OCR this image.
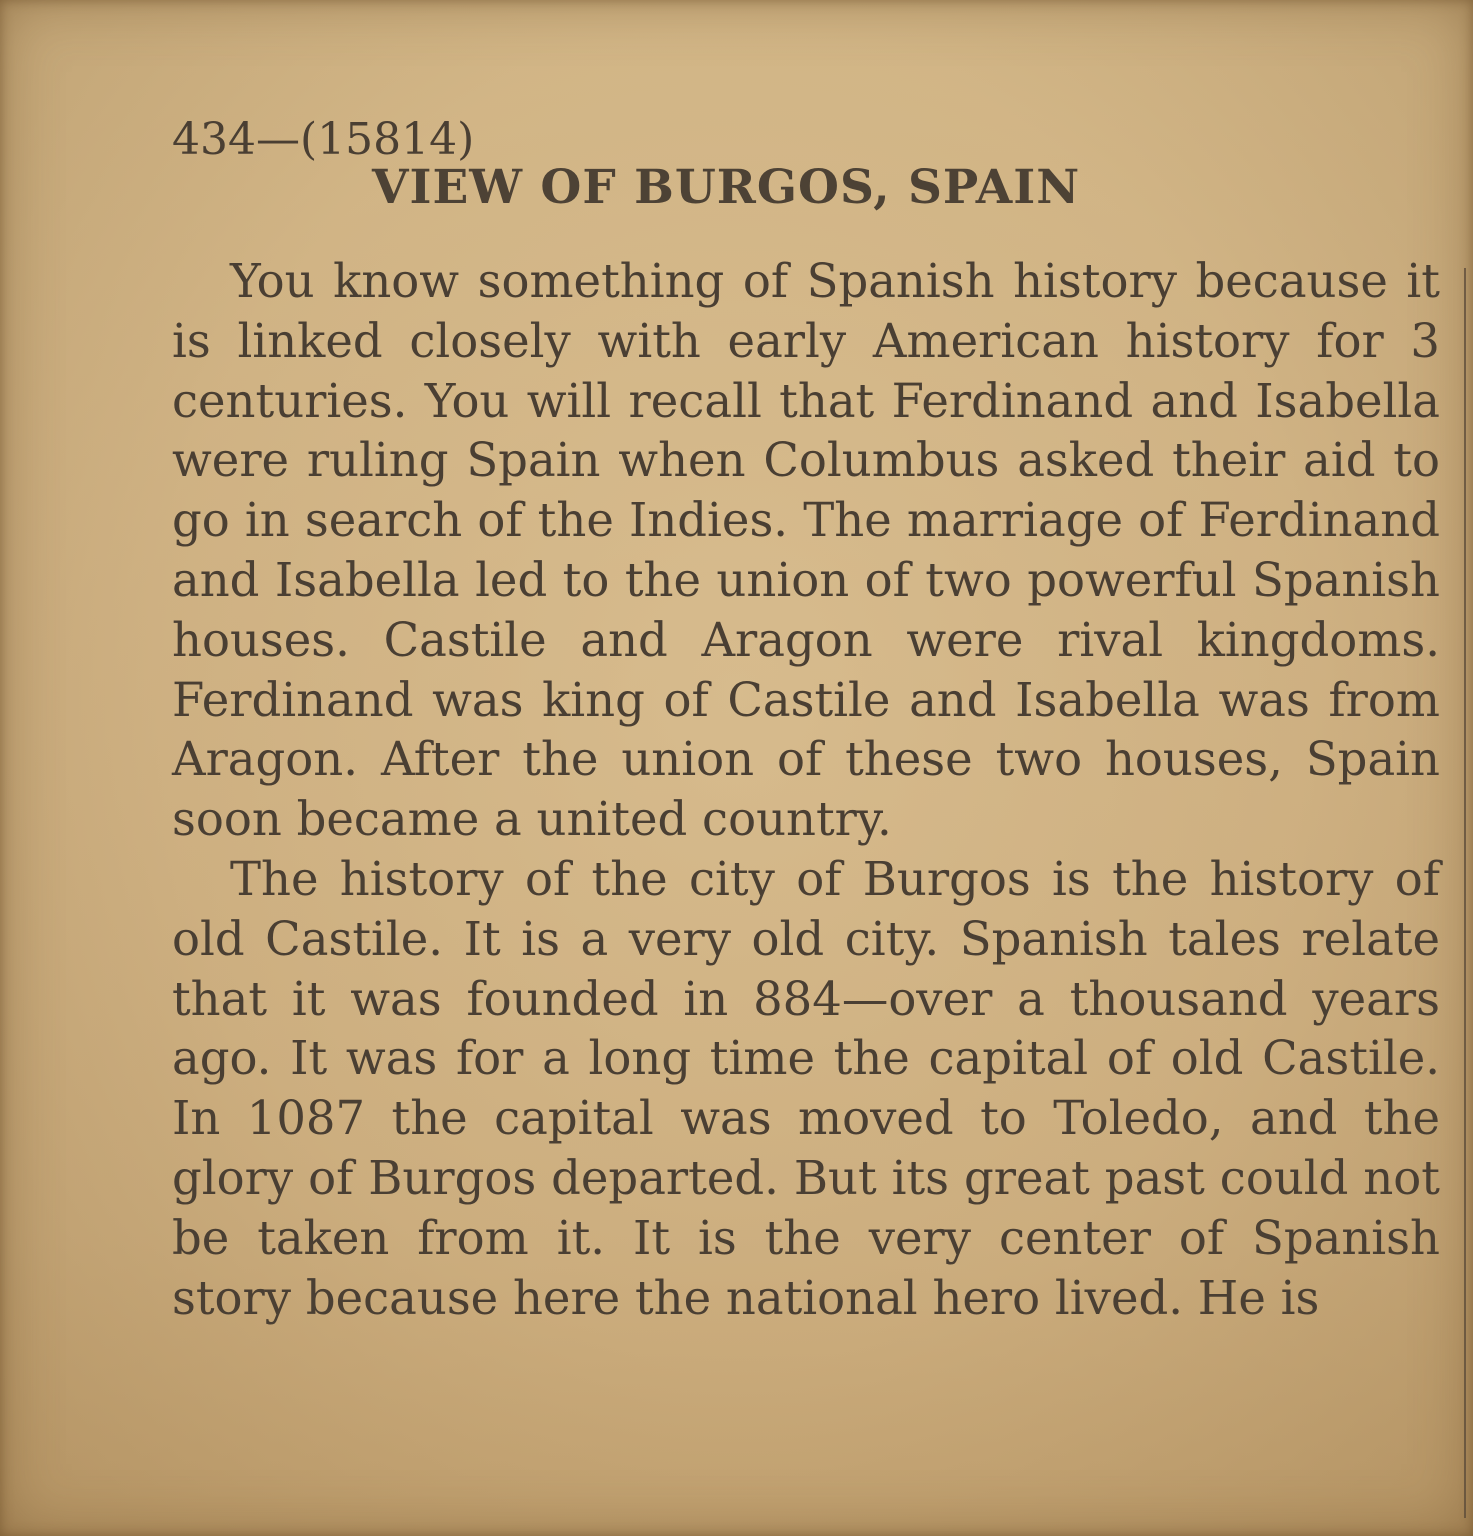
434—(15814)
VIEW OF BURGOS, SPAIN

You know something of Spanish history because it is linked closely with early American history for 3 centuries. You will recall that Ferdinand and Isabella were ruling Spain when Columbus asked their aid to go in search of the Indies. The marriage of Ferdinand and Isabella led to the union of two powerful Spanish houses. Castile and Aragon were rival kingdoms. Ferdinand was king of Castile and Isabella was from Aragon. After the union of these two houses, Spain soon became a united country.

The history of the city of Burgos is the history of old Castile. It is a very old city. Spanish tales relate that it was founded in 884—over a thousand years ago. It was for a long time the capital of old Castile. In 1087 the capital was moved to Toledo, and the glory of Burgos departed. But its great past could not be taken from it. It is the very center of Spanish story because here the national hero lived. He is
